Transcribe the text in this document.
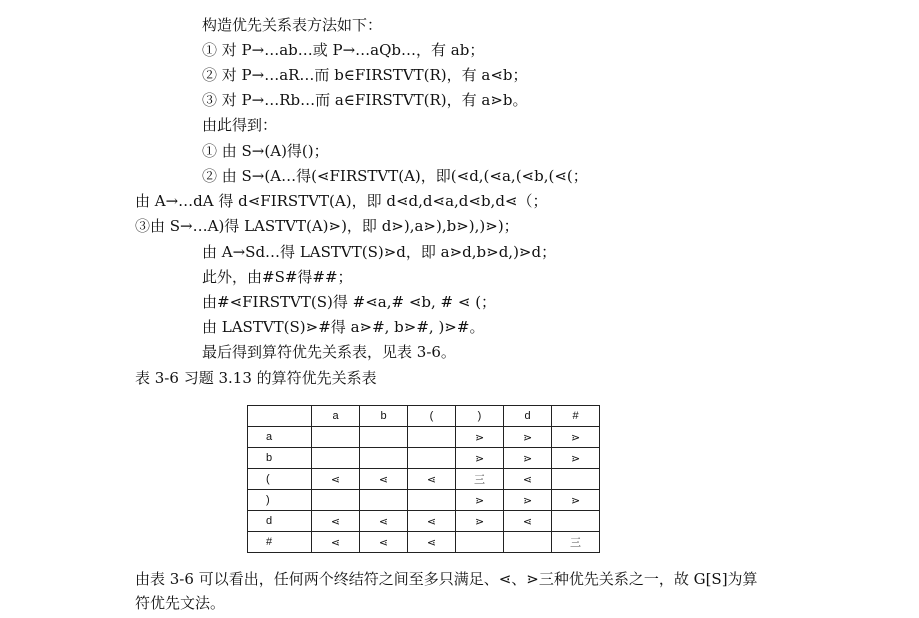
构造优先关系表方法如下：
① 对 P→…ab…或 P→…aQb…，有 ab；
② 对 P→…aR…而 b∈FIRSTVT(R)，有 a⋖b；
③ 对 P→…Rb…而 a∈FIRSTVT(R)，有 a⋗b。
由此得到：
① 由 S→(A)得()；
② 由 S→(A…得(⋖FIRSTVT(A)，即(⋖d,(⋖a,(⋖b,(⋖(；
由 A→…dA 得 d⋖FIRSTVT(A)，即 d⋖d,d⋖a,d⋖b,d⋖（；
③由 S→…A)得 LASTVT(A)⋗)，即 d⋗),a⋗),b⋗),)⋗)；
由 A→Sd…得 LASTVT(S)⋗d，即 a⋗d,b⋗d,)⋗d；
此外，由#S#得##；
由#⋖FIRSTVT(S)得 #⋖a,# ⋖b, # ⋖ (；
由 LASTVT(S)⋗#得 a⋗#, b⋗#, )⋗#。
最后得到算符优先关系表，见表 3-6。
表 3-6 习题 3.13 的算符优先关系表
	a	b	(	)	d	#
a				⋗	⋗	⋗
b				⋗	⋗	⋗
(	⋖	⋖	⋖	三	⋖	
)				⋗	⋗	⋗
d	⋖	⋖	⋖	⋗	⋖	
#	⋖	⋖	⋖			三
由表 3-6 可以看出，任何两个终结符之间至多只满足、⋖、⋗三种优先关系之一，故 G[S]为算
符优先文法。
